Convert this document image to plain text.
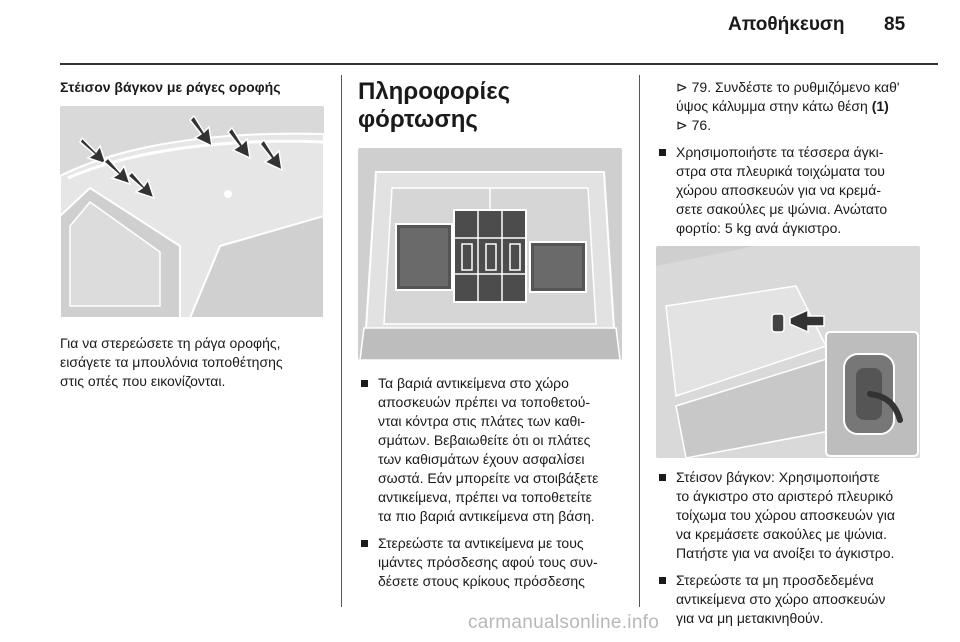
Αποθήκευση 85
Στέισον βάγκον με ράγες οροφής

Για να στερεώσετε τη ράγα οροφής,

εισάγετε τα μπουλόνια τοποθέτησης

στις οπές που εικονίζονται.

Πληροφορίες
φόρτωσης
Τα βαριά αντικείμενα στο χώρο
αποσκευών πρέπει να τοποθετού-
νται κόντρα στις πλάτες των καθι-
σμάτων. Βεβαιωθείτε ότι οι πλάτες
των καθισμάτων έχουν ασφαλίσει
σωστά. Εάν μπορείτε να στοιβάξετε
αντικείμενα, πρέπει να τοποθετείτε
τα πιο βαριά αντικείμενα στη βάση.
Στερεώστε τα αντικείμενα με τους
ιμάντες πρόσδεσης αφού τους συν-
δέσετε στους κρίκους πρόσδεσης

⊳ 79. Συνδέστε το ρυθμιζόμενο καθ'

ύψος κάλυμμα στην κάτω θέση (1)

⊳ 76.

Χρησιμοποιήστε τα τέσσερα άγκι-
στρα στα πλευρικά τοιχώματα του
χώρου αποσκευών για να κρεμά-
σετε σακούλες με ψώνια. Ανώτατο
φορτίο: 5 kg ανά άγκιστρο.
Στέισον βάγκον: Χρησιμοποιήστε
το άγκιστρο στο αριστερό πλευρικό
τοίχωμα του χώρου αποσκευών για
να κρεμάσετε σακούλες με ψώνια.
Πατήστε για να ανοίξει το άγκιστρο.
Στερεώστε τα μη προσδεδεμένα
αντικείμενα στο χώρο αποσκευών
για να μη μετακινηθούν.
carmanualsonline.info
